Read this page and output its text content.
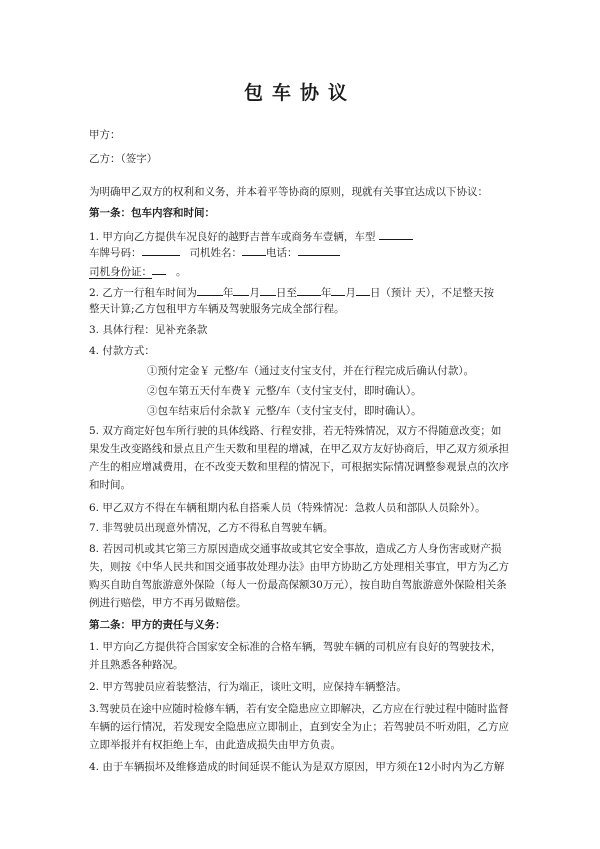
包车协议
甲方：
乙方：（签字）
为明确甲乙双方的权利和义务，并本着平等协商的原则，现就有关事宜达成以下协议：
第一条：包车内容和时间：
1. 甲方向乙方提供车况良好的越野吉普车或商务车壹辆，车型
车牌号码：	司机姓名： 电话：
司机身份证： 。
2. 乙方一行租车时间为 年 月 日至 年 月 日（预计 天），不足整天按
整天计算;乙方包租甲方车辆及驾驶服务完成全部行程。
3. 具体行程：见补充条款
4. 付款方式：
①预付定金￥ 元整/车（通过支付宝支付，并在行程完成后确认付款）。
②包车第五天付车费￥ 元整/车（支付宝支付，即时确认）。
③包车结束后付余款￥ 元整/车（支付宝支付，即时确认）。
5. 双方商定好包车所行驶的具体线路、行程安排，若无特殊情况，双方不得随意改变；如
果发生改变路线和景点且产生天数和里程的增减，在甲乙双方友好协商后，甲乙双方须承担
产生的相应增减费用，在不改变天数和里程的情况下，可根据实际情况调整参观景点的次序
和时间。
6. 甲乙双方不得在车辆租期内私自搭乘人员（特殊情况：急救人员和部队人员除外）。
7. 非驾驶员出现意外情况，乙方不得私自驾驶车辆。
8. 若因司机或其它第三方原因造成交通事故或其它安全事故，造成乙方人身伤害或财产损
失，则按《中华人民共和国交通事故处理办法》由甲方协助乙方处理相关事宜，甲方为乙方
购买自助自驾旅游意外保险（每人一份最高保额30万元），按自助自驾旅游意外保险相关条
例进行赔偿，甲方不再另做赔偿。
第二条：甲方的责任与义务：
1. 甲方向乙方提供符合国家安全标准的合格车辆，驾驶车辆的司机应有良好的驾驶技术，
并且熟悉各种路况。
2. 甲方驾驶员应着装整洁，行为端正，谈吐文明，应保持车辆整洁。
3.驾驶员在途中应随时检修车辆，若有安全隐患应立即解决，乙方应在行驶过程中随时监督
车辆的运行情况，若发现安全隐患应立即制止，直到安全为止；若驾驶员不听劝阻，乙方应
立即举报并有权拒绝上车，由此造成损失由甲方负责。
4. 由于车辆损坏及维修造成的时间延误不能认为是双方原因，甲方须在12小时内为乙方解
